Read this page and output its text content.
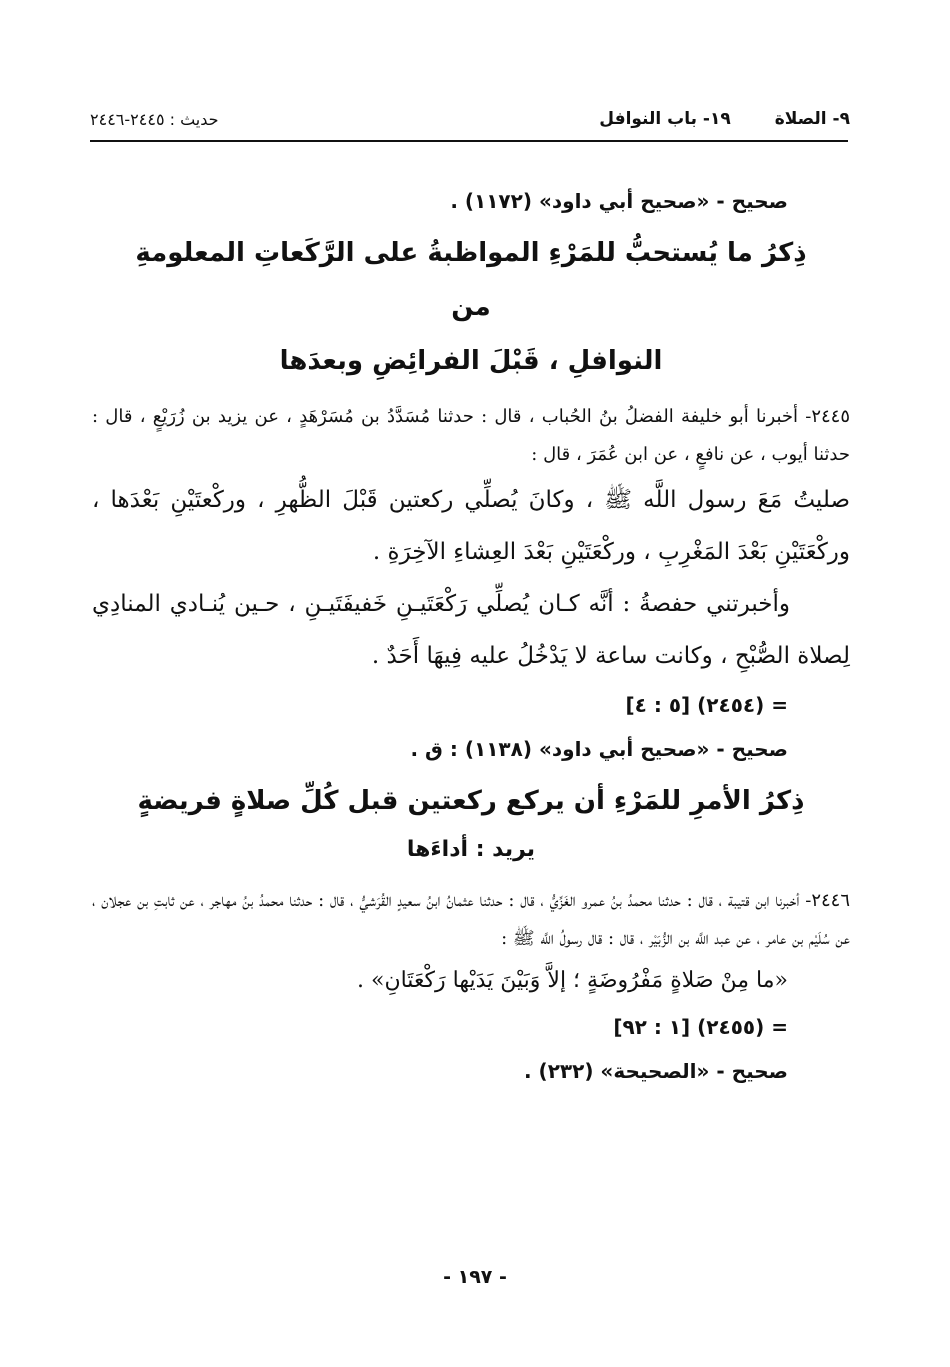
٩- الصلاة
١٩- باب النوافل
حديث : ٢٤٤٥-٢٤٤٦
صحيح - «صحيح أبي داود» (١١٧٢) .
ذِكرُ ما يُستحبُّ للمَرْءِ المواظبةُ على الرَّكَعاتِ المعلومةِ من
النوافلِ ، قَبْلَ الفرائِضِ وبعدَها

٢٤٤٥- أخبرنا أبو خليفة الفضلُ بنُ الحُباب ، قال : حدثنا مُسَدَّدُ بن مُسَرْهَدٍ ، عن يزيد بن زُرَيْعٍ ، قال : حدثنا أيوب ، عن نافعٍ ، عن ابن عُمَرَ ، قال :

صليتُ مَعَ رسول اللَّه ﷺ ، وكانَ يُصلِّي ركعتين قَبْلَ الظُّهرِ ، وركْعتَيْنِ بَعْدَها ، وركْعَتَيْنِ بَعْدَ المَغْرِبِ ، وركْعَتَيْنِ بَعْدَ العِشاءِ الآخِرَةِ .

وأخبرتني حفصةُ : أنَّه كـان يُصلِّي رَكْعَتَيـنِ خَفيفَتَيـنِ ، حـين يُنـادي المنادِي لِصلاة الصُّبْحِ ، وكانت ساعة لا يَدْخُلُ عليه فِيهَا أَحَدٌ .

= (٢٤٥٤) [٥ : ٤]
صحيح - «صحيح أبي داود» (١١٣٨) : ق .
ذِكرُ الأمرِ للمَرْءِ أن يركع ركعتين قبل كُلِّ صلاةٍ فريضةٍ
يريد : أداءَها

٢٤٤٦- أخبرنا ابن قتيبة ، قال : حدثنا محمدُ بنُ عمرو الغَزِّيُّ ، قال : حدثنا عثمانُ ابنُ سعيدٍ القُرَشيُّ ، قال : حدثنا محمدُ بنُ مهاجر ، عن ثابتِ بن عجلان ، عن سُلَيْم بن عامر ، عن عبد اللَّه بن الزُّبَيْر ، قال : قال رسولُ اللَّه ﷺ :

«ما مِنْ صَلاةٍ مَفْرُوضَةٍ ؛ إلاَّ وَبَيْنَ يَدَيْها رَكْعَتَانِ» .
= (٢٤٥٥) [١ : ٩٢]
صحيح - «الصحيحة» (٢٣٢) .
- ١٩٧ -
